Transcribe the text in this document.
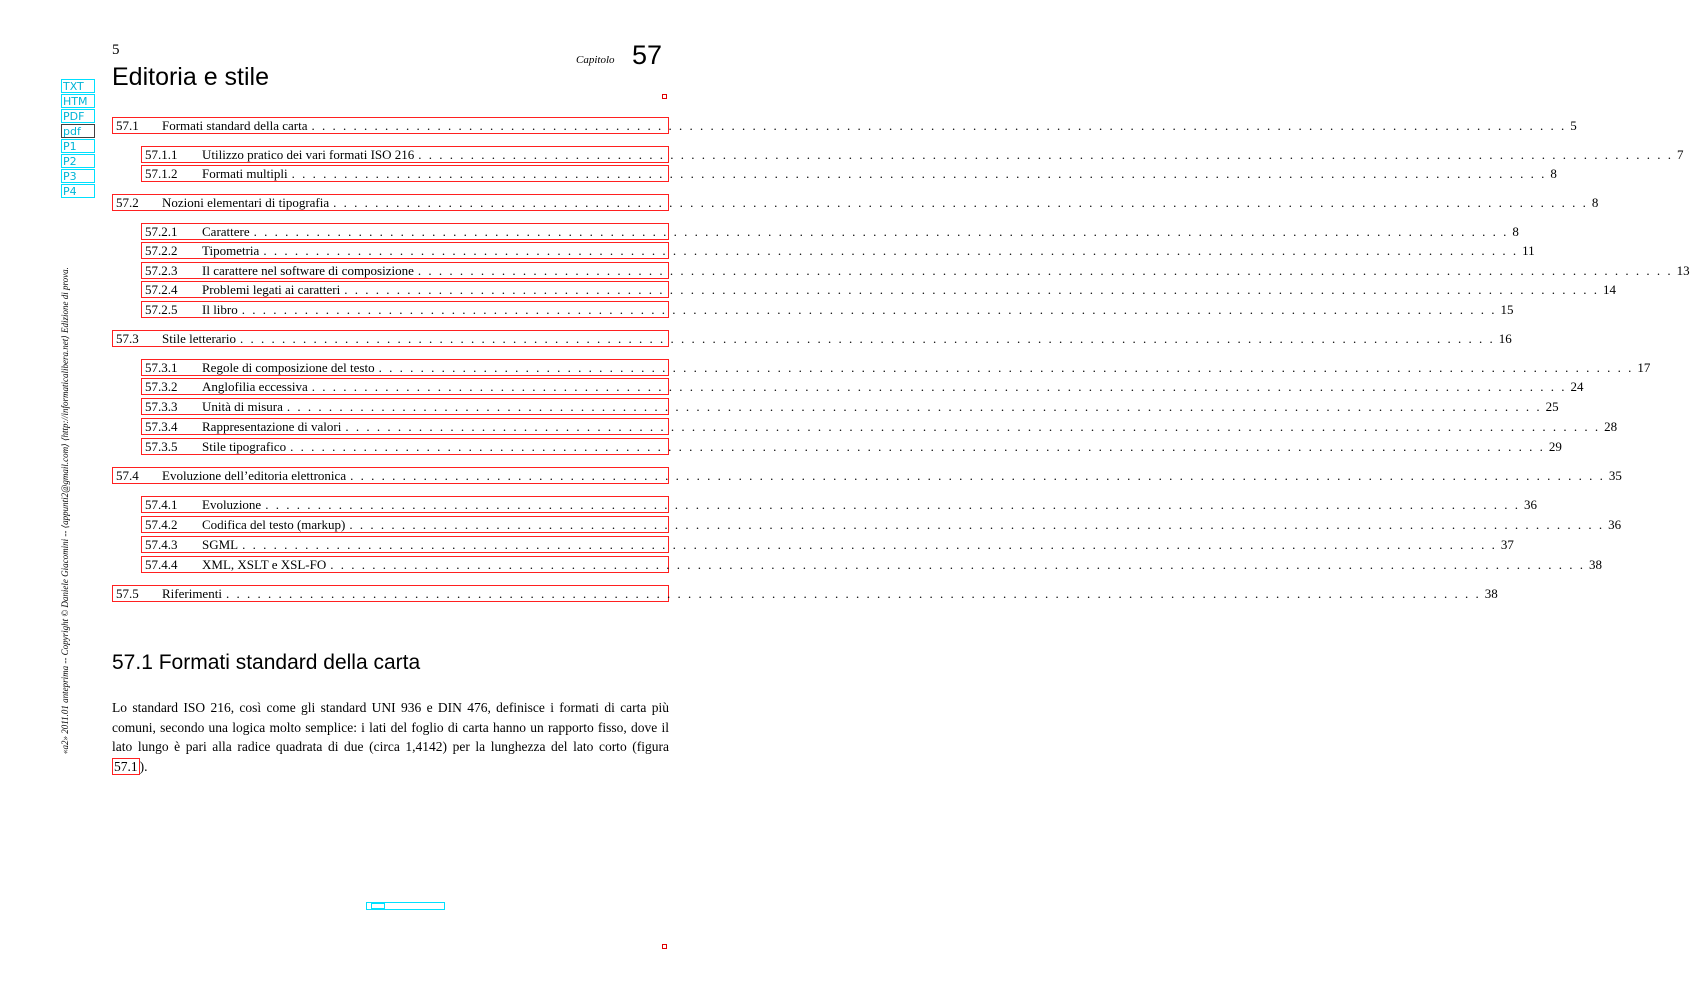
5
Capitolo 57
Editoria e stile
TXT
HTM
PDF
pdf
P1
P2
P3
P4
«a2» 2011.01 anteprima -- Copyright © Daniele Giacomini -- ⟨appunti2@gmail.com⟩ ⟨http://informaticalibera.net⟩ Edizione di prova.
57.1	Formati standard della carta . . . . . . . . . . . . . . . . . . . . . . . . . . . . . . . . . . . . . . . . . . . . . . . . . . . . . . . . . . . . . . . . . . . . . . . . . . . . . . . . . . . . . . . . . . . . . . . . . . . . . . . . . . . . . . . . . . . . . . . . 5
57.1.1	Utilizzo pratico dei vari formati ISO 216 . . . . . . . . . . . . . . . . . . . . . . . . . . . . . . . . . . . . . . . . . . . . . . . . . . . . . . . . . . . . . . . . . . . . . . . . . . . . . . . . . . . . . . . . . . . . . . . . . . . . . . . . . . . . . . . . . . . . . . . . 7
57.1.2	Formati multipli . . . . . . . . . . . . . . . . . . . . . . . . . . . . . . . . . . . . . . . . . . . . . . . . . . . . . . . . . . . . . . . . . . . . . . . . . . . . . . . . . . . . . . . . . . . . . . . . . . . . . . . . . . . . . . . . . . . . . . . . 8
57.2	Nozioni elementari di tipografia . . . . . . . . . . . . . . . . . . . . . . . . . . . . . . . . . . . . . . . . . . . . . . . . . . . . . . . . . . . . . . . . . . . . . . . . . . . . . . . . . . . . . . . . . . . . . . . . . . . . . . . . . . . . . . . . . . . . . . . . 8
57.2.1	Carattere . . . . . . . . . . . . . . . . . . . . . . . . . . . . . . . . . . . . . . . . . . . . . . . . . . . . . . . . . . . . . . . . . . . . . . . . . . . . . . . . . . . . . . . . . . . . . . . . . . . . . . . . . . . . . . . . . . . . . . . . 8
57.2.2	Tipometria . . . . . . . . . . . . . . . . . . . . . . . . . . . . . . . . . . . . . . . . . . . . . . . . . . . . . . . . . . . . . . . . . . . . . . . . . . . . . . . . . . . . . . . . . . . . . . . . . . . . . . . . . . . . . . . . . . . . . . . . 11
57.2.3	Il carattere nel software di composizione . . . . . . . . . . . . . . . . . . . . . . . . . . . . . . . . . . . . . . . . . . . . . . . . . . . . . . . . . . . . . . . . . . . . . . . . . . . . . . . . . . . . . . . . . . . . . . . . . . . . . . . . . . . . . . . . . . . . . . . . 13
57.2.4	Problemi legati ai caratteri . . . . . . . . . . . . . . . . . . . . . . . . . . . . . . . . . . . . . . . . . . . . . . . . . . . . . . . . . . . . . . . . . . . . . . . . . . . . . . . . . . . . . . . . . . . . . . . . . . . . . . . . . . . . . . . . . . . . . . . . 14
57.2.5	Il libro . . . . . . . . . . . . . . . . . . . . . . . . . . . . . . . . . . . . . . . . . . . . . . . . . . . . . . . . . . . . . . . . . . . . . . . . . . . . . . . . . . . . . . . . . . . . . . . . . . . . . . . . . . . . . . . . . . . . . . . . 15
57.3	Stile letterario . . . . . . . . . . . . . . . . . . . . . . . . . . . . . . . . . . . . . . . . . . . . . . . . . . . . . . . . . . . . . . . . . . . . . . . . . . . . . . . . . . . . . . . . . . . . . . . . . . . . . . . . . . . . . . . . . . . . . . . . 16
57.3.1	Regole di composizione del testo . . . . . . . . . . . . . . . . . . . . . . . . . . . . . . . . . . . . . . . . . . . . . . . . . . . . . . . . . . . . . . . . . . . . . . . . . . . . . . . . . . . . . . . . . . . . . . . . . . . . . . . . . . . . . . . . . . . . . . . . 17
57.3.2	Anglofilia eccessiva . . . . . . . . . . . . . . . . . . . . . . . . . . . . . . . . . . . . . . . . . . . . . . . . . . . . . . . . . . . . . . . . . . . . . . . . . . . . . . . . . . . . . . . . . . . . . . . . . . . . . . . . . . . . . . . . . . . . . . . . 24
57.3.3	Unità di misura . . . . . . . . . . . . . . . . . . . . . . . . . . . . . . . . . . . . . . . . . . . . . . . . . . . . . . . . . . . . . . . . . . . . . . . . . . . . . . . . . . . . . . . . . . . . . . . . . . . . . . . . . . . . . . . . . . . . . . . . 25
57.3.4	Rappresentazione di valori . . . . . . . . . . . . . . . . . . . . . . . . . . . . . . . . . . . . . . . . . . . . . . . . . . . . . . . . . . . . . . . . . . . . . . . . . . . . . . . . . . . . . . . . . . . . . . . . . . . . . . . . . . . . . . . . . . . . . . . . 28
57.3.5	Stile tipografico . . . . . . . . . . . . . . . . . . . . . . . . . . . . . . . . . . . . . . . . . . . . . . . . . . . . . . . . . . . . . . . . . . . . . . . . . . . . . . . . . . . . . . . . . . . . . . . . . . . . . . . . . . . . . . . . . . . . . . . . 29
57.4	Evoluzione dell’editoria elettronica . . . . . . . . . . . . . . . . . . . . . . . . . . . . . . . . . . . . . . . . . . . . . . . . . . . . . . . . . . . . . . . . . . . . . . . . . . . . . . . . . . . . . . . . . . . . . . . . . . . . . . . . . . . . . . . . . . . . . . . . 35
57.4.1	Evoluzione . . . . . . . . . . . . . . . . . . . . . . . . . . . . . . . . . . . . . . . . . . . . . . . . . . . . . . . . . . . . . . . . . . . . . . . . . . . . . . . . . . . . . . . . . . . . . . . . . . . . . . . . . . . . . . . . . . . . . . . . 36
57.4.2	Codifica del testo (markup) . . . . . . . . . . . . . . . . . . . . . . . . . . . . . . . . . . . . . . . . . . . . . . . . . . . . . . . . . . . . . . . . . . . . . . . . . . . . . . . . . . . . . . . . . . . . . . . . . . . . . . . . . . . . . . . . . . . . . . . . 36
57.4.3	SGML . . . . . . . . . . . . . . . . . . . . . . . . . . . . . . . . . . . . . . . . . . . . . . . . . . . . . . . . . . . . . . . . . . . . . . . . . . . . . . . . . . . . . . . . . . . . . . . . . . . . . . . . . . . . . . . . . . . . . . . . 37
57.4.4	XML, XSLT e XSL-FO . . . . . . . . . . . . . . . . . . . . . . . . . . . . . . . . . . . . . . . . . . . . . . . . . . . . . . . . . . . . . . . . . . . . . . . . . . . . . . . . . . . . . . . . . . . . . . . . . . . . . . . . . . . . . . . . . . . . . . . . 38
57.5	Riferimenti . . . . . . . . . . . . . . . . . . . . . . . . . . . . . . . . . . . . . . . . . . . . . . . . . . . . . . . . . . . . . . . . . . . . . . . . . . . . . . . . . . . . . . . . . . . . . . . . . . . . . . . . . . . . . . . . . . . . . . . . 38
57.1 Formati standard della carta

Lo standard ISO 216, così come gli standard UNI 936 e DIN 476, definisce i formati di carta più comuni, secondo una logica molto semplice: i lati del foglio di carta hanno un rapporto fisso, dove il lato lungo è pari alla radice quadrata di due (circa 1,4142) per la lunghezza del lato corto (figura 57.1 ).
